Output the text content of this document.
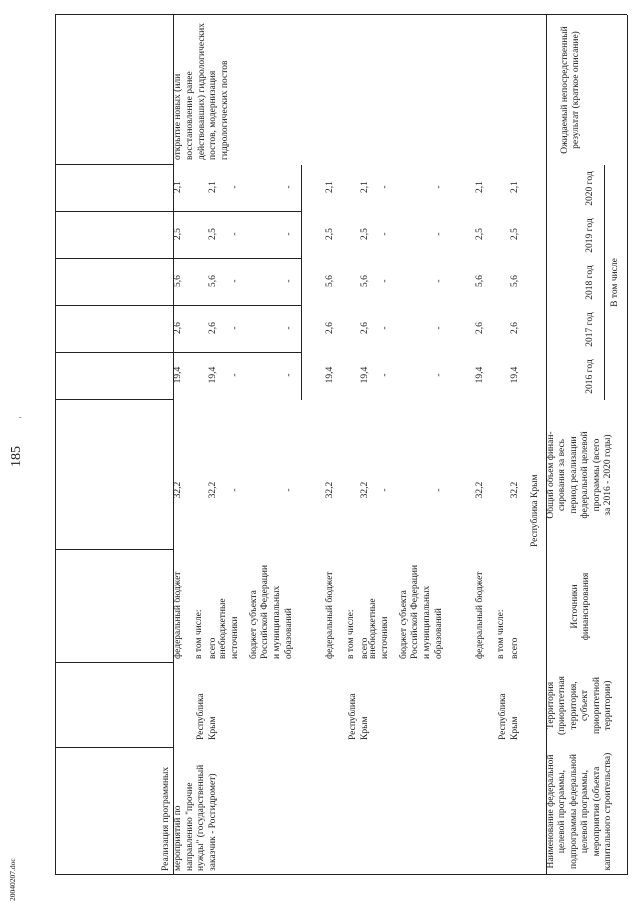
185
20040207.doc
'
Наименование федеральной целевой программы, подпрограммы федеральной целевой программы, мероприятия (объекта капитального строительства)
Территория (приоритетная территория, субъект приоритетной территории)
Источники финансирования
Общий объем финан- сирования за весь период реализации федеральной целевой программы (всего за 2016 - 2020 годы)
В том числе
2016 год
2017 год
2018 год
2019 год
2020 год
Ожидаемый непосредственный результат (краткое описание)
Республика Крым
Республика Крым
всего
32,2
19,4
2,6
5,6
2,5
2,1
в том числе:
федеральный бюджет
32,2
19,4
2,6
5,6
2,5
2,1
бюджет субъекта Российской Федерации и муниципальных образований
-
-
-
-
-
-
внебюджетные источники
-
-
-
-
-
-
Республика Крым
всего
32,2
19,4
2,6
5,6
2,5
2,1
в том числе:
федеральный бюджет
32,2
19,4
2,6
5,6
2,5
2,1
бюджет субъекта Российской Федерации и муниципальных образований
-
-
-
-
-
-
внебюджетные источники
-
-
-
-
-
-
Республика Крым
Реализация программных мероприятий по направлению "прочие нужды" (государственный заказчик - Росгидромет)
открытие новых (или восстановление ранее действовавших) гидрологических постов, модернизация гидрологических постов
всего
32,2
19,4
2,6
5,6
2,5
2,1
в том числе:
федеральный бюджет
32,2
19,4
2,6
5,6
2,5
2,1
